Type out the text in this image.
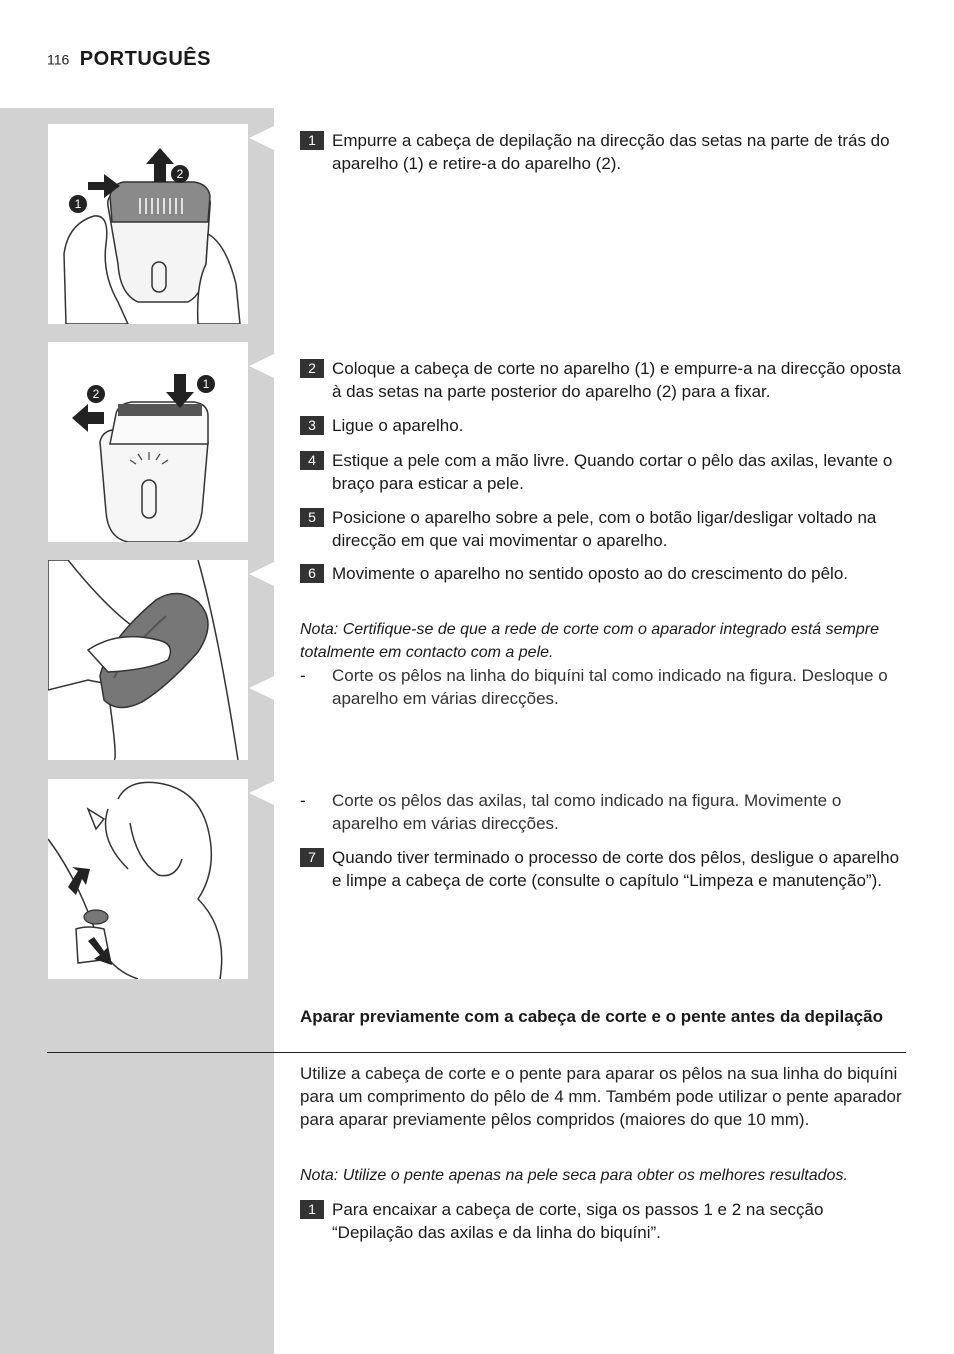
116 PORTUGUÊS
1
2
1
2
1 Empurre a cabeça de depilação na direcção das setas na parte de trás do aparelho (1) e retire-a do aparelho (2).
2 Coloque a cabeça de corte no aparelho (1) e empurre-a na direcção oposta à das setas na parte posterior do aparelho (2) para a fixar.
3 Ligue o aparelho.
4 Estique a pele com a mão livre. Quando cortar o pêlo das axilas, levante o braço para esticar a pele.
5 Posicione o aparelho sobre a pele, com o botão ligar/desligar voltado na direcção em que vai movimentar o aparelho.
6 Movimente o aparelho no sentido oposto ao do crescimento do pêlo.
Nota: Certifique-se de que a rede de corte com o aparador integrado está sempre totalmente em contacto com a pele.
- Corte os pêlos na linha do biquíni tal como indicado na figura. Desloque o aparelho em várias direcções.
- Corte os pêlos das axilas, tal como indicado na figura. Movimente o aparelho em várias direcções.
7 Quando tiver terminado o processo de corte dos pêlos, desligue o aparelho e limpe a cabeça de corte (consulte o capítulo “Limpeza e manutenção”).
Aparar previamente com a cabeça de corte e o pente antes da depilação
Utilize a cabeça de corte e o pente para aparar os pêlos na sua linha do biquíni para um comprimento do pêlo de 4 mm. Também pode utilizar o pente aparador para aparar previamente pêlos compridos (maiores do que 10 mm).
Nota: Utilize o pente apenas na pele seca para obter os melhores resultados.
1 Para encaixar a cabeça de corte, siga os passos 1 e 2 na secção “Depilação das axilas e da linha do biquíni”.
